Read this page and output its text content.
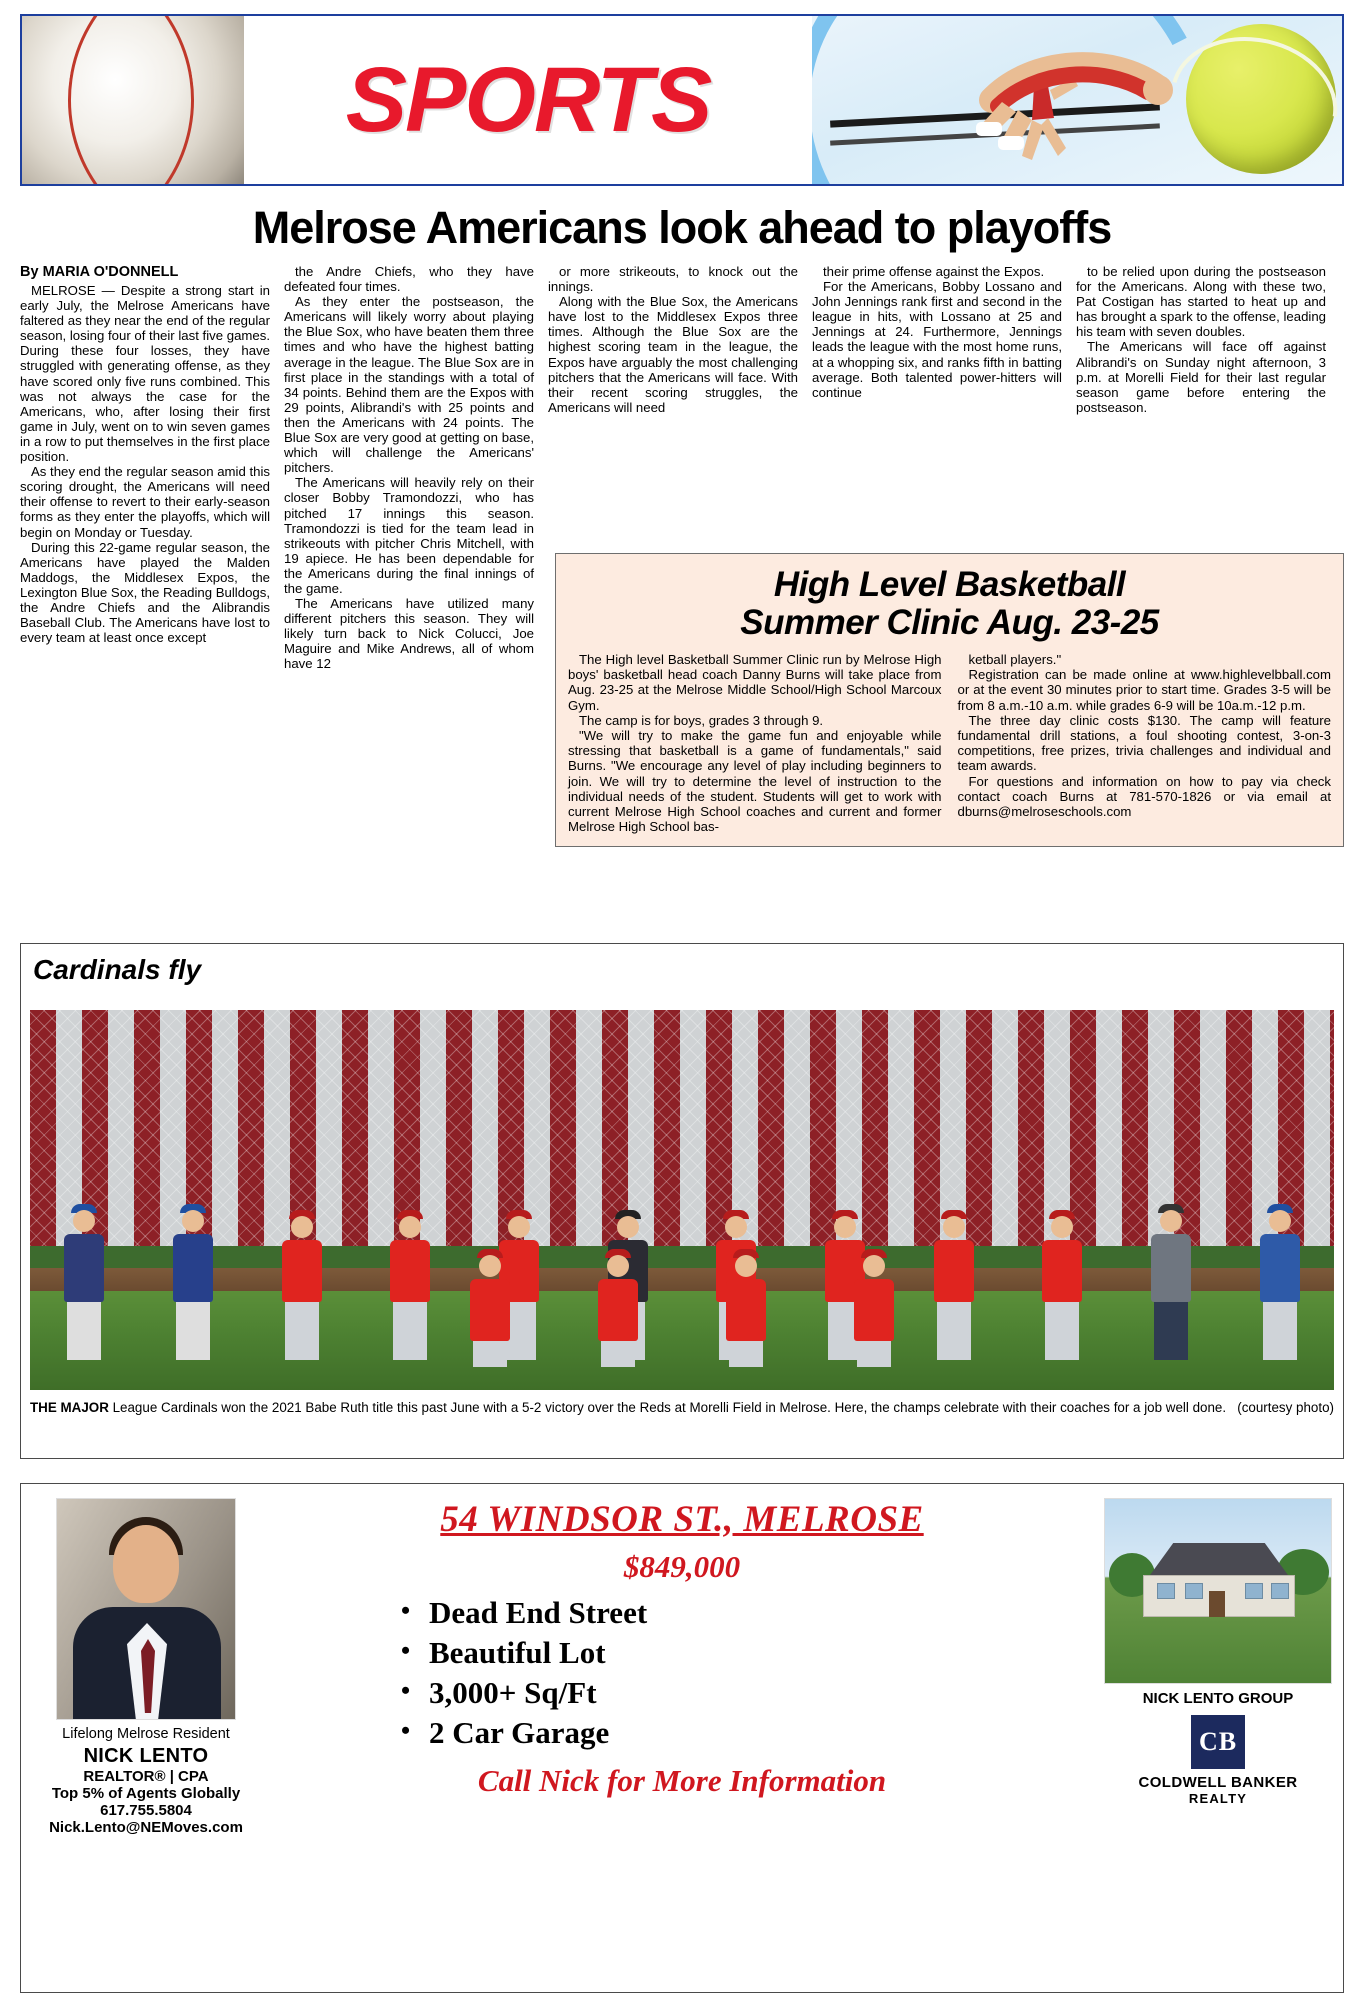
SPORTS
Melrose Americans look ahead to playoffs
By MARIA O'DONNELL

MELROSE — Despite a strong start in early July, the Melrose Americans have faltered as they near the end of the regular season, losing four of their last five games. During these four losses, they have struggled with generating offense, as they have scored only five runs combined. This was not always the case for the Americans, who, after losing their first game in July, went on to win seven games in a row to put themselves in the first place position.

As they end the regular season amid this scoring drought, the Americans will need their offense to revert to their early-season forms as they enter the playoffs, which will begin on Monday or Tuesday.

During this 22-game regular season, the Americans have played the Malden Maddogs, the Middlesex Expos, the Lexington Blue Sox, the Reading Bulldogs, the Andre Chiefs and the Alibrandis Baseball Club. The Americans have lost to every team at least once except

the Andre Chiefs, who they have defeated four times.

As they enter the postseason, the Americans will likely worry about playing the Blue Sox, who have beaten them three times and who have the highest batting average in the league. The Blue Sox are in first place in the standings with a total of 34 points. Behind them are the Expos with 29 points, Alibrandi's with 25 points and then the Americans with 24 points. The Blue Sox are very good at getting on base, which will challenge the Americans' pitchers.

The Americans will heavily rely on their closer Bobby Tramondozzi, who has pitched 17 innings this season. Tramondozzi is tied for the team lead in strikeouts with pitcher Chris Mitchell, with 19 apiece. He has been dependable for the Americans during the final innings of the game.

The Americans have utilized many different pitchers this season. They will likely turn back to Nick Colucci, Joe Maguire and Mike Andrews, all of whom have 12

or more strikeouts, to knock out the innings.

Along with the Blue Sox, the Americans have lost to the Middlesex Expos three times. Although the Blue Sox are the highest scoring team in the league, the Expos have arguably the most challenging pitchers that the Americans will face. With their recent scoring struggles, the Americans will need

their prime offense against the Expos.

For the Americans, Bobby Lossano and John Jennings rank first and second in the league in hits, with Lossano at 25 and Jennings at 24. Furthermore, Jennings leads the league with the most home runs, at a whopping six, and ranks fifth in batting average. Both talented power-hitters will continue

to be relied upon during the postseason for the Americans. Along with these two, Pat Costigan has started to heat up and has brought a spark to the offense, leading his team with seven doubles.

The Americans will face off against Alibrandi's on Sunday night afternoon, 3 p.m. at Morelli Field for their last regular season game before entering the postseason.

High Level Basketball
Summer Clinic Aug. 23-25

The High level Basketball Summer Clinic run by Melrose High boys' basketball head coach Danny Burns will take place from Aug. 23-25 at the Melrose Middle School/High School Marcoux Gym.

The camp is for boys, grades 3 through 9.

"We will try to make the game fun and enjoyable while stressing that basketball is a game of fundamentals," said Burns. "We encourage any level of play including beginners to join. We will try to determine the level of instruction to the individual needs of the student. Students will get to work with current Melrose High School coaches and current and former Melrose High School bas-

ketball players."

Registration can be made online at www.highlevelbball.com or at the event 30 minutes prior to start time. Grades 3-5 will be from 8 a.m.-10 a.m. while grades 6-9 will be 10a.m.-12 p.m.

The three day clinic costs $130. The camp will feature fundamental drill stations, a foul shooting contest, 3-on-3 competitions, free prizes, trivia challenges and individual and team awards.

For questions and information on how to pay via check contact coach Burns at 781-570-1826 or via email at dburns@melroseschools.com

Cardinals fly
(courtesy photo)
THE MAJOR League Cardinals won the 2021 Babe Ruth title this past June with a 5-2 victory over the Reds at Morelli Field in Melrose. Here, the champs celebrate with their coaches for a job well done.
Lifelong Melrose Resident
NICK LENTO
REALTOR® | CPA
Top 5% of Agents Globally
617.755.5804
Nick.Lento@NEMoves.com
54 WINDSOR ST., MELROSE
$849,000
• Dead End Street
• Beautiful Lot
• 3,000+ Sq/Ft
• 2 Car Garage
Call Nick for More Information
NICK LENTO GROUP
CB
COLDWELL BANKER
REALTY
